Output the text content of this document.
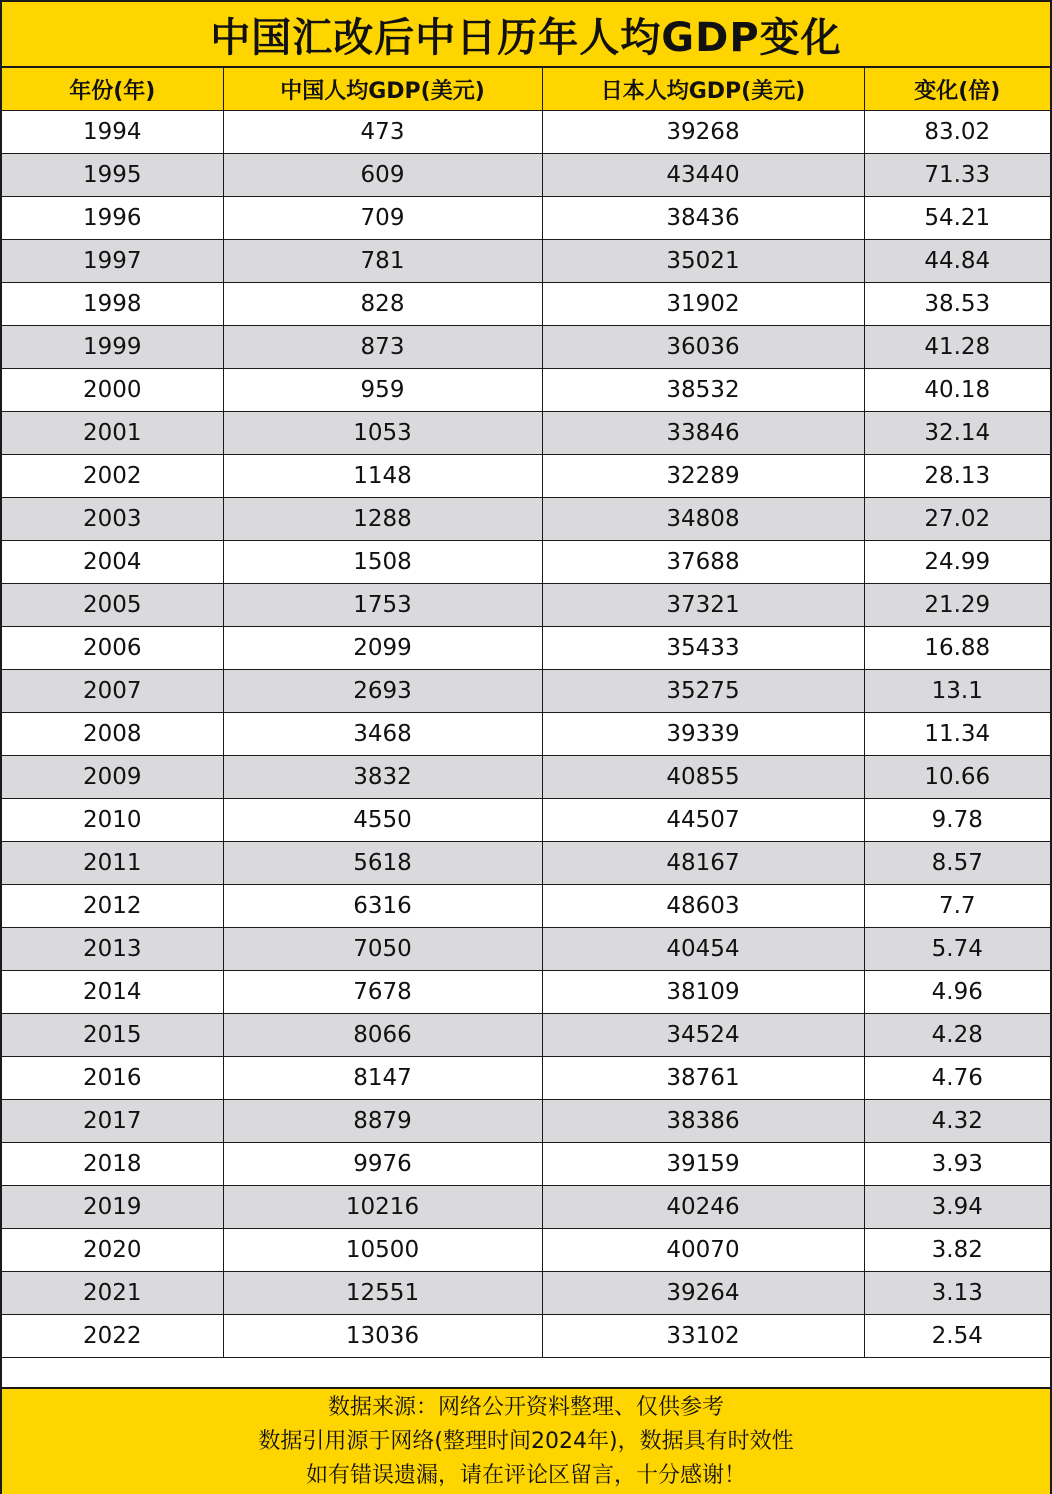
中国汇改后中日历年人均GDP变化
年份(年)	中国人均GDP(美元)	日本人均GDP(美元)	变化(倍)
1994	473	39268	83.02
1995	609	43440	71.33
1996	709	38436	54.21
1997	781	35021	44.84
1998	828	31902	38.53
1999	873	36036	41.28
2000	959	38532	40.18
2001	1053	33846	32.14
2002	1148	32289	28.13
2003	1288	34808	27.02
2004	1508	37688	24.99
2005	1753	37321	21.29
2006	2099	35433	16.88
2007	2693	35275	13.1
2008	3468	39339	11.34
2009	3832	40855	10.66
2010	4550	44507	9.78
2011	5618	48167	8.57
2012	6316	48603	7.7
2013	7050	40454	5.74
2014	7678	38109	4.96
2015	8066	34524	4.28
2016	8147	38761	4.76
2017	8879	38386	4.32
2018	9976	39159	3.93
2019	10216	40246	3.94
2020	10500	40070	3.82
2021	12551	39264	3.13
2022	13036	33102	2.54
数据来源：网络公开资料整理、仅供参考
数据引用源于网络(整理时间2024年)，数据具有时效性
如有错误遗漏，请在评论区留言，十分感谢！
